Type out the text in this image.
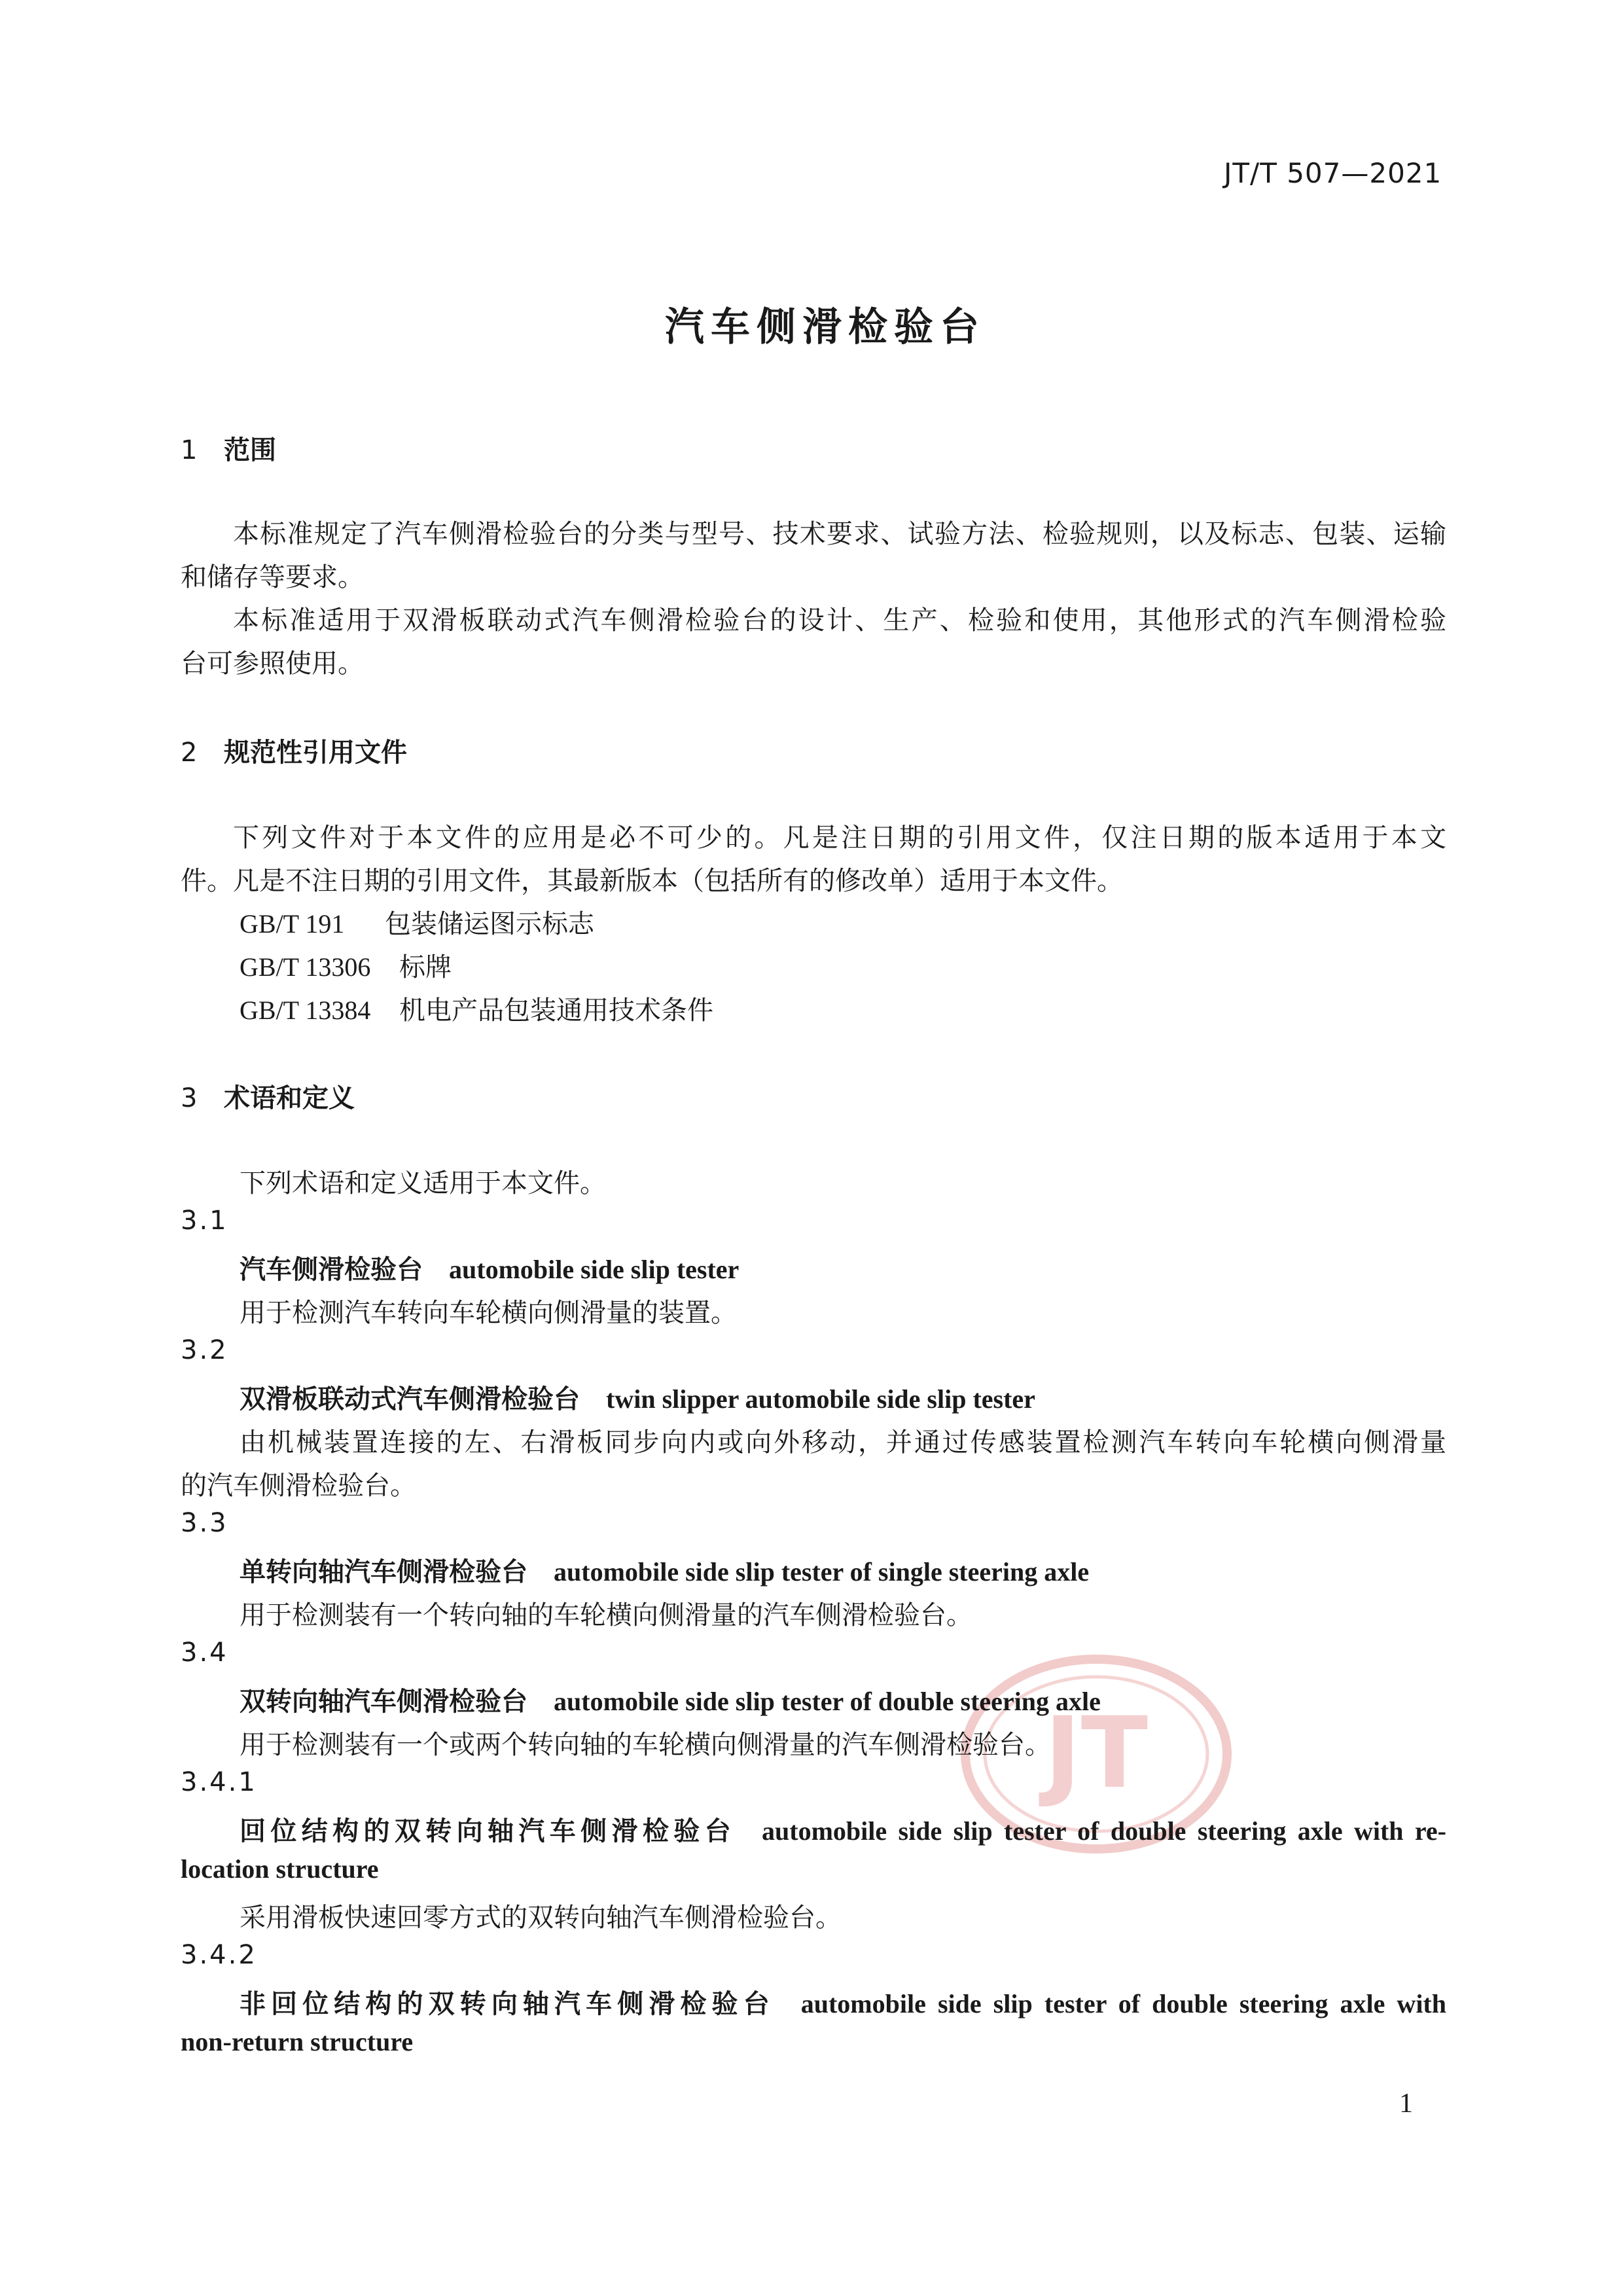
JT/T 507—2021
汽车侧滑检验台
1 范围
本标准规定了汽车侧滑检验台的分类与型号、技术要求、试验方法、检验规则，以及标志、包装、运输
和储存等要求。
本标准适用于双滑板联动式汽车侧滑检验台的设计、生产、检验和使用，其他形式的汽车侧滑检验
台可参照使用。
2 规范性引用文件
下列文件对于本文件的应用是必不可少的。凡是注日期的引用文件，仅注日期的版本适用于本文
件。凡是不注日期的引用文件，其最新版本（包括所有的修改单）适用于本文件。
GB/T 191 包装储运图示标志
GB/T 13306 标牌
GB/T 13384 机电产品包装通用技术条件
3 术语和定义
下列术语和定义适用于本文件。
3.1
汽车侧滑检验台 automobile side slip tester
用于检测汽车转向车轮横向侧滑量的装置。
3.2
双滑板联动式汽车侧滑检验台 twin slipper automobile side slip tester
由机械装置连接的左、右滑板同步向内或向外移动，并通过传感装置检测汽车转向车轮横向侧滑量
的汽车侧滑检验台。
3.3
单转向轴汽车侧滑检验台 automobile side slip tester of single steering axle
用于检测装有一个转向轴的车轮横向侧滑量的汽车侧滑检验台。
JT
3.4
双转向轴汽车侧滑检验台 automobile side slip tester of double steering axle
用于检测装有一个或两个转向轴的车轮横向侧滑量的汽车侧滑检验台。
3.4.1
回位结构的双转向轴汽车侧滑检验台 automobile side slip tester of double steering axle with re-
location structure
采用滑板快速回零方式的双转向轴汽车侧滑检验台。
3.4.2
非回位结构的双转向轴汽车侧滑检验台 automobile side slip tester of double steering axle with
non-return structure
1
